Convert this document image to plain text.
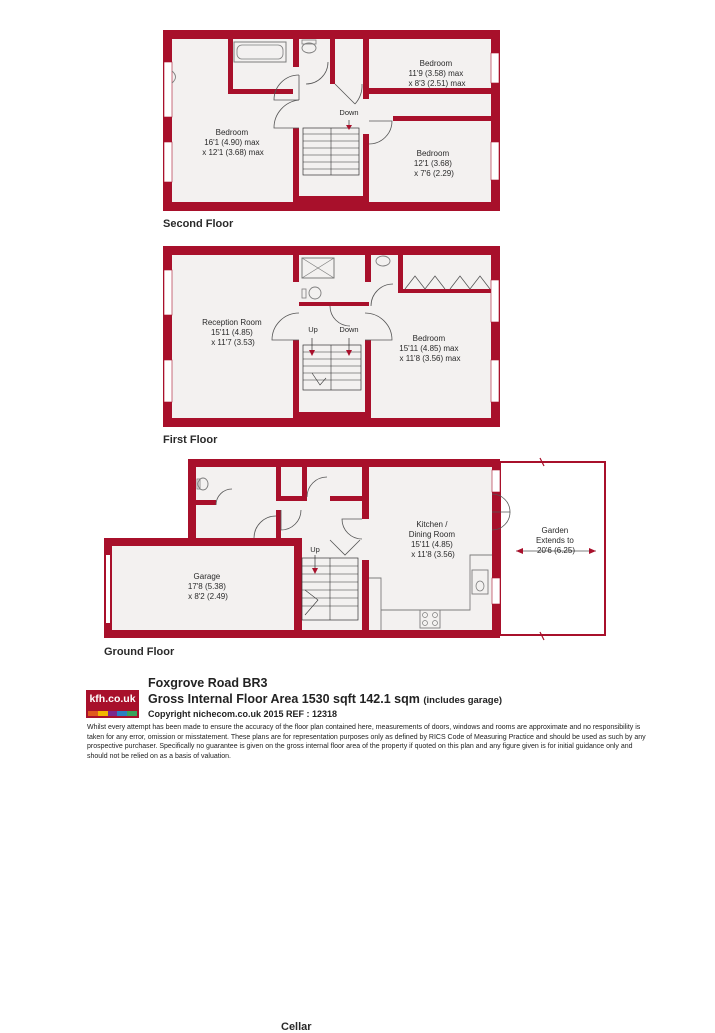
Bedroom 16'1 (4.90) max x 12'1 (3.68) max
Bedroom 11'9 (3.58) max x 8'3 (2.51) max
Bedroom 12'1 (3.68) x 7'6 (2.29)
Down
Reception Room 15'11 (4.85) x 11'7 (3.53)	Bedroom 15'11 (4.85) max x 11'8 (3.56) max
Up	Down
Kitchen / Dining Room 15'11 (4.85) x 11'8 (3.56)
Garage 17'8 (5.38) x 8'2 (2.49)
Garden Extends to 20'6 (6.25)
Up
Second Floor
First Floor
Ground Floor
Cellar
kfh.co.uk
Foxgrove Road BR3
Gross Internal Floor Area 1530 sqft 142.1 sqm (includes garage)
Copyright nichecom.co.uk 2015 REF : 12318
Whilst every attempt has been made to ensure the accuracy of the floor plan contained here, measurements of doors, windows and rooms are approximate and no responsibility is taken for any error, omission or misstatement. These plans are for representation purposes only as defined by RICS Code of Measuring Practice and should be used as such by any prospective purchaser. Specifically no guarantee is given on the gross internal floor area of the property if quoted on this plan and any figure given is for initial guidance only and should not be relied on as a basis of valuation.
